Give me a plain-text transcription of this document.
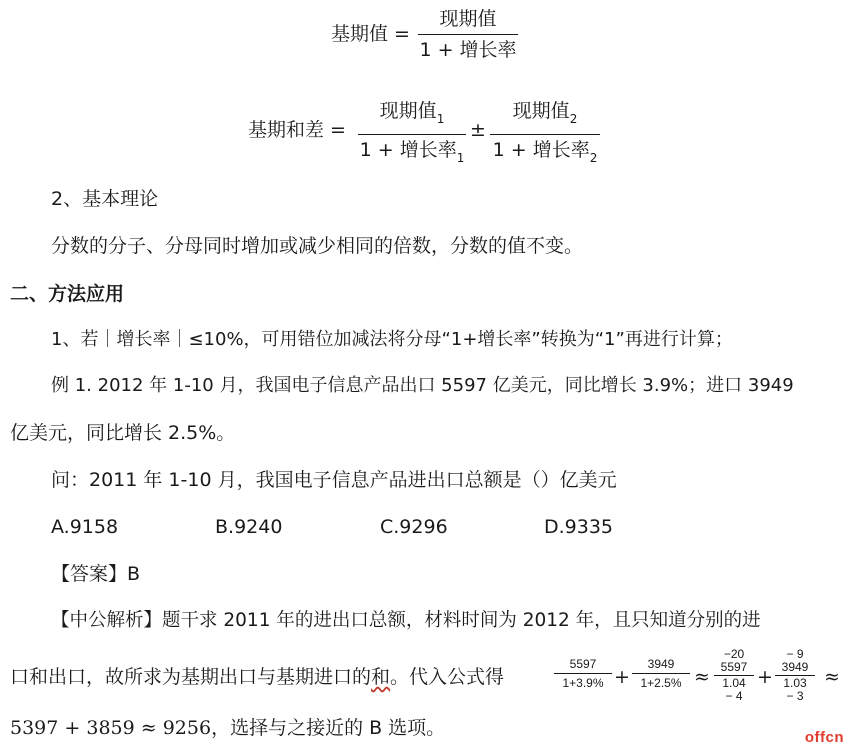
基期值 =
现期值
1 + 增长率
基期和差 =
现期值$_1$
1 + 增长率$_1$
±
现期值$_2$
1 + 增长率$_2$
2、基本理论
分数的分子、分母同时增加或减少相同的倍数，分数的值不变。
二、方法应用
1、若｜增长率｜≤10%，可用错位加减法将分母“1+增长率”转换为“1”再进行计算；
例 1. 2012 年 1-10 月，我国电子信息产品出口 5597 亿美元，同比增长 3.9%；进口 3949
亿美元，同比增长 2.5%。
问：2011 年 1-10 月，我国电子信息产品进出口总额是（）亿美元
A.9158	B.9240	C.9296	D.9335
【答案】B
【中公解析】题干求 2011 年的进出口总额，材料时间为 2012 年，且只知道分别的进
口和出口，故所求为基期出口与基期进口的和。代入公式得
5597
1+3.9% +
3949
1+2.5% ≈
−20
5597
1.04
− 4
+
− 9
3949
1.03
− 3
≈
5397 + 3859 ≈ 9256，选择与之接近的 B 选项。	offcn
